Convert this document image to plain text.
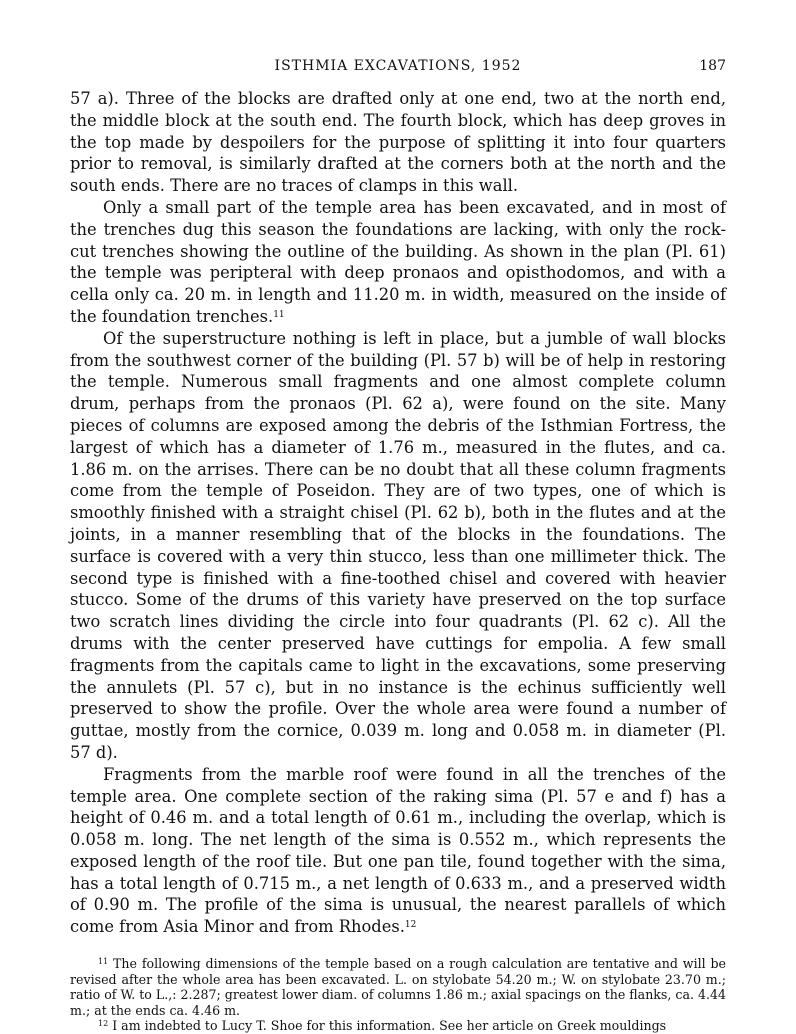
ISTHMIA EXCAVATIONS, 1952	187

57 a). Three of the blocks are drafted only at one end, two at the north end, the middle block at the south end. The fourth block, which has deep groves in the top made by despoilers for the purpose of splitting it into four quarters prior to removal, is similarly drafted at the corners both at the north and the south ends. There are no traces of clamps in this wall.

Only a small part of the temple area has been excavated, and in most of the trenches dug this season the foundations are lacking, with only the rock-cut trenches showing the outline of the building. As shown in the plan (Pl. 61) the temple was peripteral with deep pronaos and opisthodomos, and with a cella only ca. 20 m. in length and 11.20 m. in width, measured on the inside of the foundation trenches.$^{11}$

Of the superstructure nothing is left in place, but a jumble of wall blocks from the southwest corner of the building (Pl. 57 b) will be of help in restoring the temple. Numerous small fragments and one almost complete column drum, perhaps from the pronaos (Pl. 62 a), were found on the site. Many pieces of columns are exposed among the debris of the Isthmian Fortress, the largest of which has a diameter of 1.76 m., measured in the flutes, and ca. 1.86 m. on the arrises. There can be no doubt that all these column fragments come from the temple of Poseidon. They are of two types, one of which is smoothly finished with a straight chisel (Pl. 62 b), both in the flutes and at the joints, in a manner resembling that of the blocks in the foundations. The surface is covered with a very thin stucco, less than one millimeter thick. The second type is finished with a fine-toothed chisel and covered with heavier stucco. Some of the drums of this variety have preserved on the top surface two scratch lines dividing the circle into four quadrants (Pl. 62 c). All the drums with the center preserved have cuttings for empolia. A few small fragments from the capitals came to light in the excavations, some preserving the annulets (Pl. 57 c), but in no instance is the echinus sufficiently well preserved to show the profile. Over the whole area were found a number of guttae, mostly from the cornice, 0.039 m. long and 0.058 m. in diameter (Pl. 57 d).

Fragments from the marble roof were found in all the trenches of the temple area. One complete section of the raking sima (Pl. 57 e and f) has a height of 0.46 m. and a total length of 0.61 m., including the overlap, which is 0.058 m. long. The net length of the sima is 0.552 m., which represents the exposed length of the roof tile. But one pan tile, found together with the sima, has a total length of 0.715 m., a net length of 0.633 m., and a preserved width of 0.90 m. The profile of the sima is unusual, the nearest parallels of which come from Asia Minor and from Rhodes.$^{12}$

$^{11}$ The following dimensions of the temple based on a rough calculation are tentative and will be revised after the whole area has been excavated. L. on stylobate 54.20 m.; W. on stylobate 23.70 m.; ratio of W. to L.,: 2.287; greatest lower diam. of columns 1.86 m.; axial spacings on the flanks, ca. 4.44 m.; at the ends ca. 4.46 m.

$^{12}$ I am indebted to Lucy T. Shoe for this information. See her article on Greek mouldings
